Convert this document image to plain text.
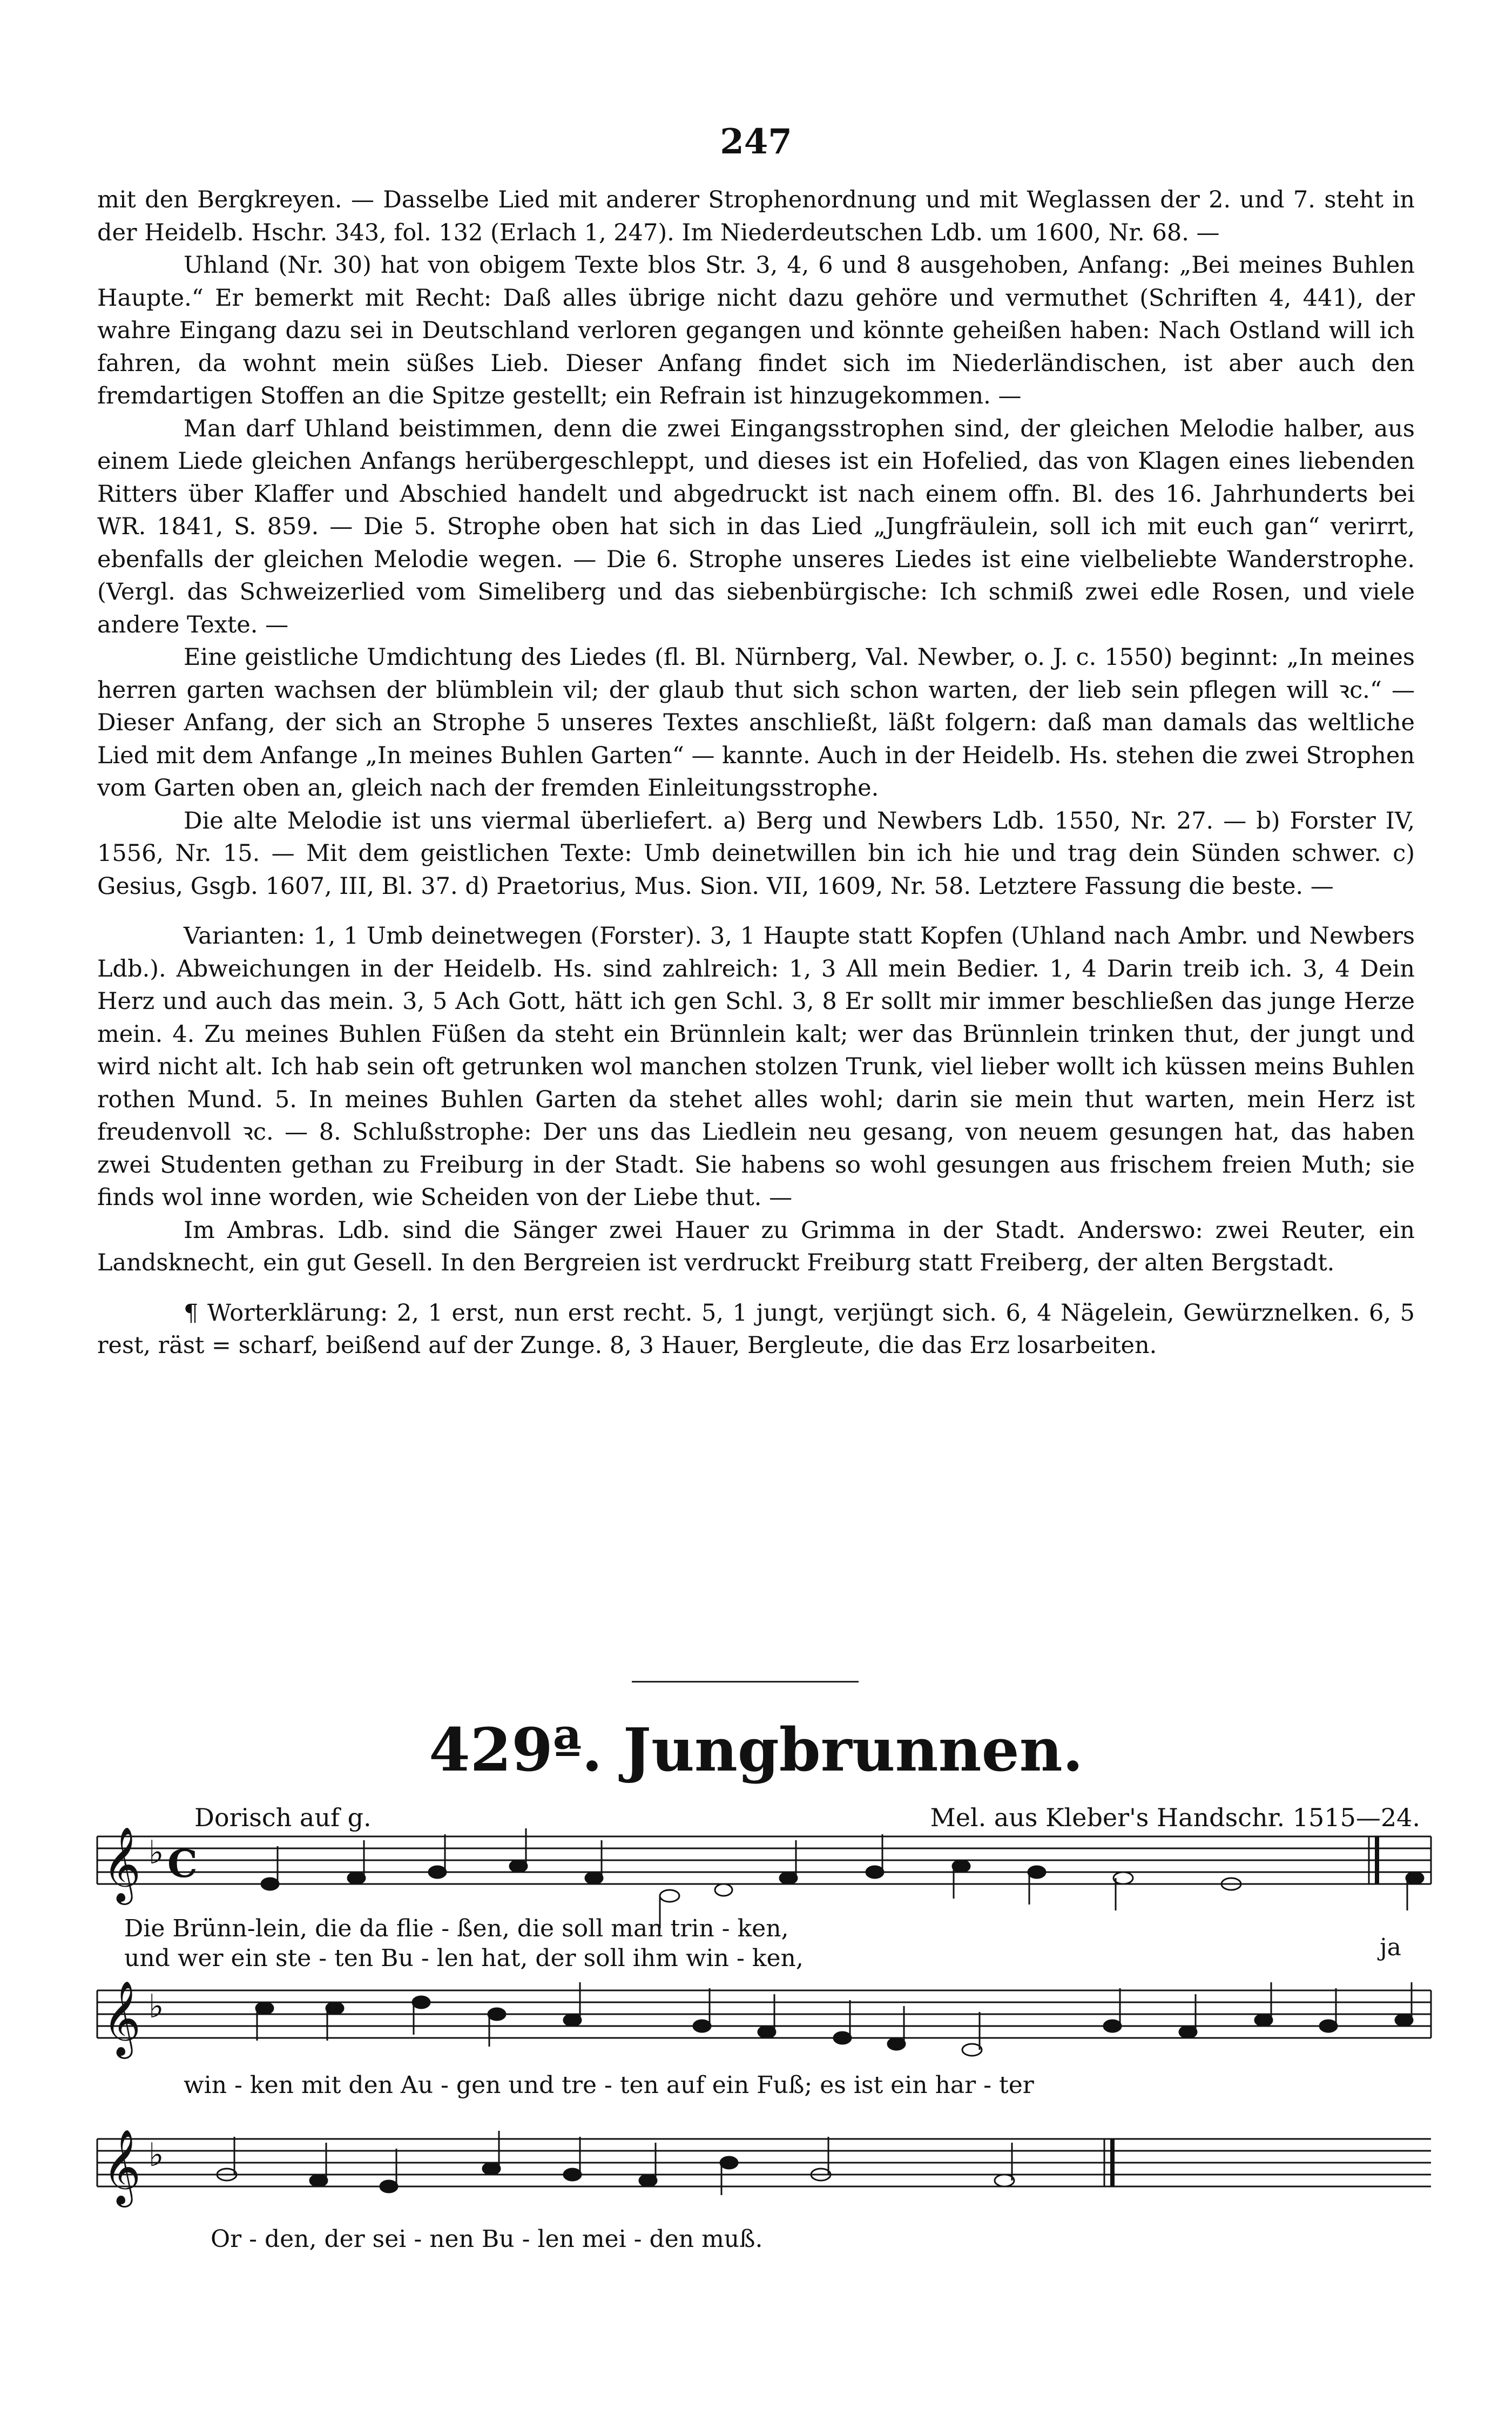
247

mit den Bergkreyen. — Dasselbe Lied mit anderer Strophenordnung und mit Weglassen der 2. und 7. steht in der Heidelb. Hschr. 343, fol. 132 (Erlach 1, 247). Im Niederdeutschen Ldb. um 1600, Nr. 68. —

Uhland (Nr. 30) hat von obigem Texte blos Str. 3, 4, 6 und 8 ausgehoben, Anfang: „Bei meines Buhlen Haupte.“ Er bemerkt mit Recht: Daß alles übrige nicht dazu gehöre und vermuthet (Schriften 4, 441), der wahre Eingang dazu sei in Deutschland verloren gegangen und könnte geheißen haben: Nach Ostland will ich fahren, da wohnt mein süßes Lieb. Dieser Anfang findet sich im Niederländischen, ist aber auch den fremdartigen Stoffen an die Spitze gestellt; ein Refrain ist hinzugekommen. —

Man darf Uhland beistimmen, denn die zwei Eingangsstrophen sind, der gleichen Melodie halber, aus einem Liede gleichen Anfangs herübergeschleppt, und dieses ist ein Hofelied, das von Klagen eines liebenden Ritters über Klaffer und Abschied handelt und abgedruckt ist nach einem offn. Bl. des 16. Jahrhunderts bei WR. 1841, S. 859. — Die 5. Strophe oben hat sich in das Lied „Jungfräulein, soll ich mit euch gan“ verirrt, ebenfalls der gleichen Melodie wegen. — Die 6. Strophe unseres Liedes ist eine vielbeliebte Wanderstrophe. (Vergl. das Schweizerlied vom Simeliberg und das siebenbürgische: Ich schmiß zwei edle Rosen, und viele andere Texte. —

Eine geistliche Umdichtung des Liedes (fl. Bl. Nürnberg, Val. Newber, o. J. c. 1550) beginnt: „In meines herren garten wachsen der blümblein vil; der glaub thut sich schon warten, der lieb sein pflegen will ꝛc.“ — Dieser Anfang, der sich an Strophe 5 unseres Textes anschließt, läßt folgern: daß man damals das weltliche Lied mit dem Anfange „In meines Buhlen Garten“ — kannte. Auch in der Heidelb. Hs. stehen die zwei Strophen vom Garten oben an, gleich nach der fremden Einleitungsstrophe.

Die alte Melodie ist uns viermal überliefert. a) Berg und Newbers Ldb. 1550, Nr. 27. — b) Forster IV, 1556, Nr. 15. — Mit dem geistlichen Texte: Umb deinetwillen bin ich hie und trag dein Sünden schwer. c) Gesius, Gsgb. 1607, III, Bl. 37. d) Praetorius, Mus. Sion. VII, 1609, Nr. 58. Letztere Fassung die beste. —

Varianten: 1, 1 Umb deinetwegen (Forster). 3, 1 Haupte statt Kopfen (Uhland nach Ambr. und Newbers Ldb.). Abweichungen in der Heidelb. Hs. sind zahlreich: 1, 3 All mein Bedier. 1, 4 Darin treib ich. 3, 4 Dein Herz und auch das mein. 3, 5 Ach Gott, hätt ich gen Schl. 3, 8 Er sollt mir immer beschließen das junge Herze mein. 4. Zu meines Buhlen Füßen da steht ein Brünnlein kalt; wer das Brünnlein trinken thut, der jungt und wird nicht alt. Ich hab sein oft getrunken wol manchen stolzen Trunk, viel lieber wollt ich küssen meins Buhlen rothen Mund. 5. In meines Buhlen Garten da stehet alles wohl; darin sie mein thut warten, mein Herz ist freudenvoll ꝛc. — 8. Schlußstrophe: Der uns das Liedlein neu gesang, von neuem gesungen hat, das haben zwei Studenten gethan zu Freiburg in der Stadt. Sie habens so wohl gesungen aus frischem freien Muth; sie finds wol inne worden, wie Scheiden von der Liebe thut. —

Im Ambras. Ldb. sind die Sänger zwei Hauer zu Grimma in der Stadt. Anderswo: zwei Reuter, ein Landsknecht, ein gut Gesell. In den Bergreien ist verdruckt Freiburg statt Freiberg, der alten Bergstadt.

¶ Worterklärung: 2, 1 erst, nun erst recht. 5, 1 jungt, verjüngt sich. 6, 4 Nägelein, Gewürznelken. 6, 5 rest, räst = scharf, beißend auf der Zunge. 8, 3 Hauer, Bergleute, die das Erz losarbeiten.

429ª. Jungbrunnen.
Dorisch auf g.	Mel. aus Kleber's Handschr. 1515—24.
𝄞 ♭ C
𝄞 ♭
𝄞 ♭
Die Brünn-lein, die da flie - ßen, die soll man trin - ken,
und wer ein ste - ten Bu - len hat, der soll ihm win - ken,	ja
win - ken mit den Au - gen und tre - ten auf ein Fuß; es ist ein har - ter
Or - den, der sei - nen Bu - len mei - den muß.
